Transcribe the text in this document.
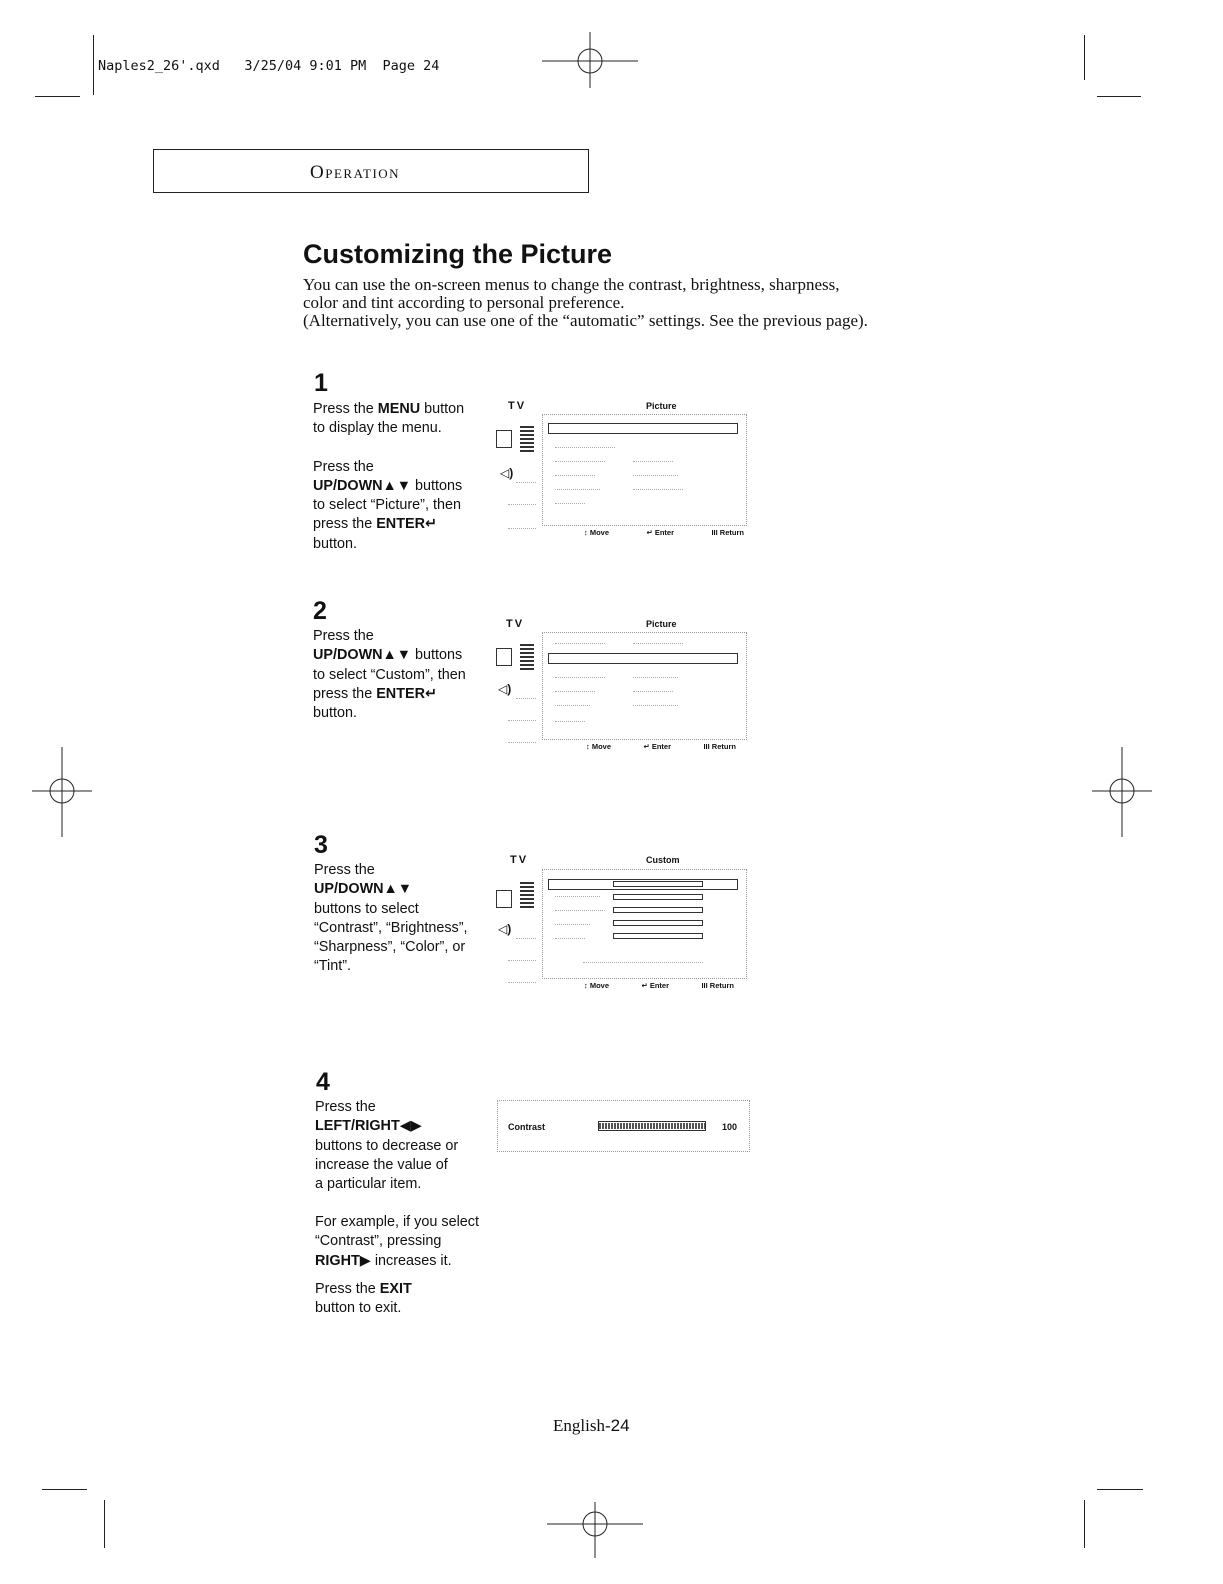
Naples2_26'.qxd 3/25/04 9:01 PM Page 24

Operation
Customizing the Picture
You can use the on-screen menus to change the contrast, brightness, sharpness,
color and tint according to personal preference.
(Alternatively, you can use one of the “automatic” settings. See the previous page).
1
2
3
4
Press the MENU button
to display the menu.
Press the
UP/DOWN▲▼ buttons
to select “Picture”, then
press the ENTER↵
button.
Press the
UP/DOWN▲▼ buttons
to select “Custom”, then
press the ENTER↵
button.
Press the
UP/DOWN▲▼
buttons to select
“Contrast”, “Brightness”,
“Sharpness”, “Color”, or
“Tint”.
Press the
LEFT/RIGHT◀▶
buttons to decrease or
increase the value of
a particular item.
For example, if you select
“Contrast”, pressing
RIGHT▶ increases it.
Press the EXIT
button to exit.
TV	Picture
◁)
↕ Move	↵ Enter	III Return
TV	Picture
◁)
↕ Move	↵ Enter	III Return
TV	Custom
◁)
↕ Move	↵ Enter	III Return
Contrast	100
English-24
